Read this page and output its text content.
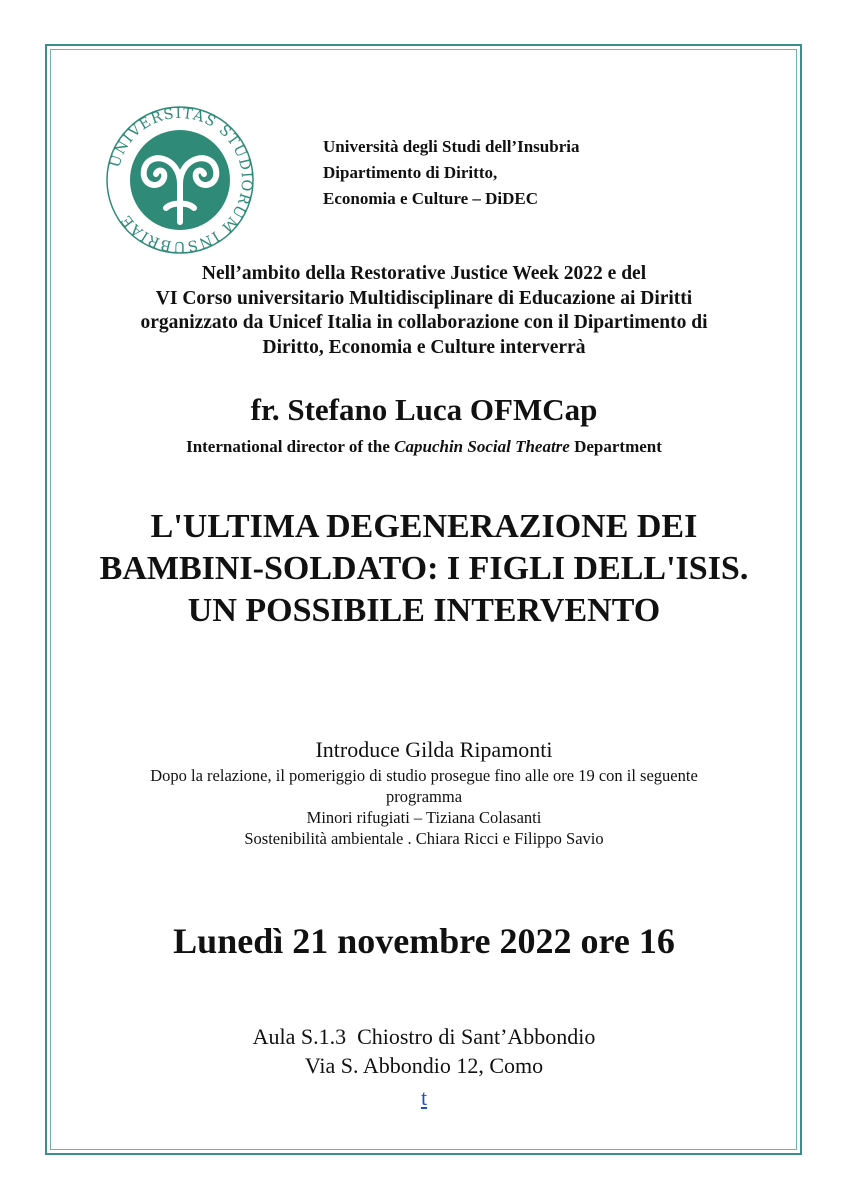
UNIVERSITAS STUDIORUM INSUBRIAE
Università degli Studi dell’Insubria
Dipartimento di Diritto,
Economia e Culture – DiDEC
Nell’ambito della Restorative Justice Week 2022 e del
VI Corso universitario Multidisciplinare di Educazione ai Diritti
organizzato da Unicef Italia in collaborazione con il Dipartimento di
Diritto, Economia e Culture interverrà
fr. Stefano Luca OFMCap
International director of the Capuchin Social Theatre Department
L'ULTIMA DEGENERAZIONE DEI
BAMBINI-SOLDATO: I FIGLI DELL'ISIS.
UN POSSIBILE INTERVENTO
Introduce Gilda Ripamonti
Dopo la relazione, il pomeriggio di studio prosegue fino alle ore 19 con il seguente
programma
Minori rifugiati – Tiziana Colasanti
Sostenibilità ambientale . Chiara Ricci e Filippo Savio
Lunedì 21 novembre 2022 ore 16
Aula S.1.3  Chiostro di Sant’Abbondio
Via S. Abbondio 12, Como
t
